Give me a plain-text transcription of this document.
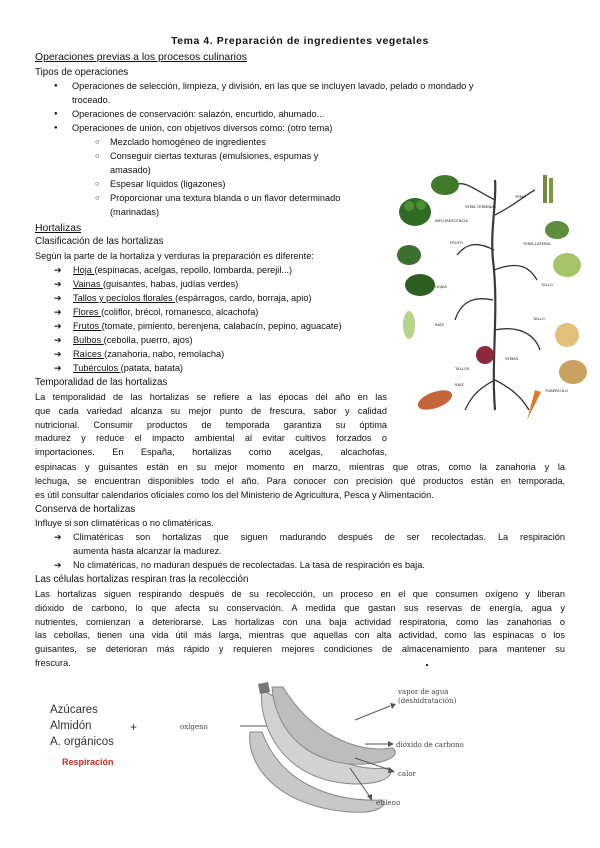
Tema 4. Preparación de ingredientes vegetales
Operaciones previas a los procesos culinarios
Tipos de operaciones
● Operaciones de selección, limpieza, y división, en las que se incluyen lavado, pelado o mondado y
troceado.
● Operaciones de conservación: salazón, encurtido, ahumado...
● Operaciones de unión, con objetivos diversos como: (otro tema)
○ Mezclado homogéneo de ingredientes
○ Conseguir ciertas texturas (emulsiones, espumas y
amasado)
○ Espesar líquidos (ligazones)
○ Proporcionar una textura blanda o un flavor determinado
(marinadas)
Hortalizas
Clasificación de las hortalizas
Según la parte de la hortaliza y verduras la preparación es diferente:
➔ Hoja (espinacas, acelgas, repollo, lombarda, perejil...)
➔ Vainas (guisantes, habas, judías verdes)
➔ Tallos y pecíolos florales (espárragos, cardo, borraja, apio)
➔ Flores (coliflor, brécol, romanesco, alcachofa)
➔ Frutos (tomate, pimiento, berenjena, calabacín, pepino, aguacate)
➔ Bulbos (cebolla, puerro, ajos)
➔ Raíces (zanahoria, nabo, remolacha)
➔ Tubérculos (patata, batata)
Temporalidad de las hortalizas
La temporalidad de las hortalizas se refiere a las épocas del año en las
que cada variedad alcanza su mejor punto de frescura, sabor y calidad
nutricional. Consumir productos de temporada garantiza su óptima
madurez y reduce el impacto ambiental al evitar cultivos forzados o
importaciones. En España, hortalizas como acelgas, alcachofas,
espinacas y guisantes están en su mejor momento en marzo, mientras que otras, como la zanahoria y la
lechuga, se encuentran disponibles todo el año. Para conocer con precisión qué productos están en temporada,
es útil consultar calendarios oficiales como los del Ministerio de Agricultura, Pesca y Alimentación.
Conserva de hortalizas
Influye si son climatéricas o no climatéricas.
➔ Climatéricas son hortalizas que siguen madurando después de ser recolectadas. La respiración
aumenta hasta alcanzar la madurez.
➔ No climatéricas, no maduran después de recolectadas. La tasa de respiración es baja.
Las células hortalizas respiran tras la recolección
Las hortalizas siguen respirando después de su recolección, un proceso en el que consumen oxígeno y liberan
dióxido de carbono, lo que afecta su conservación. A medida que gastan sus reservas de energía, agua y
nutrientes, comienzan a deteriorarse. Las hortalizas con una baja actividad respiratoria, como las zanahorias o
las cebollas, tienen una vida útil más larga, mientras que aquellas con alta actividad, como las espinacas o los
guisantes, se deterioran más rápido y requieren mejores condiciones de almacenamiento para mantener su
frescura.
YEMA TERMINAL
YEMA
INFLORESCENCIA
FRUTO
HOJAS
YEMA LATERAL
TALLO
RAÍZ
TALLO
YEMAS
TALLOS
TUBÉRCULO
RAÍZ
Azúcares
Almidón
A. orgánicos
+
Respiración
oxígeno
vapor de agua
(deshidratación)
dióxido de carbono
calor
etileno
